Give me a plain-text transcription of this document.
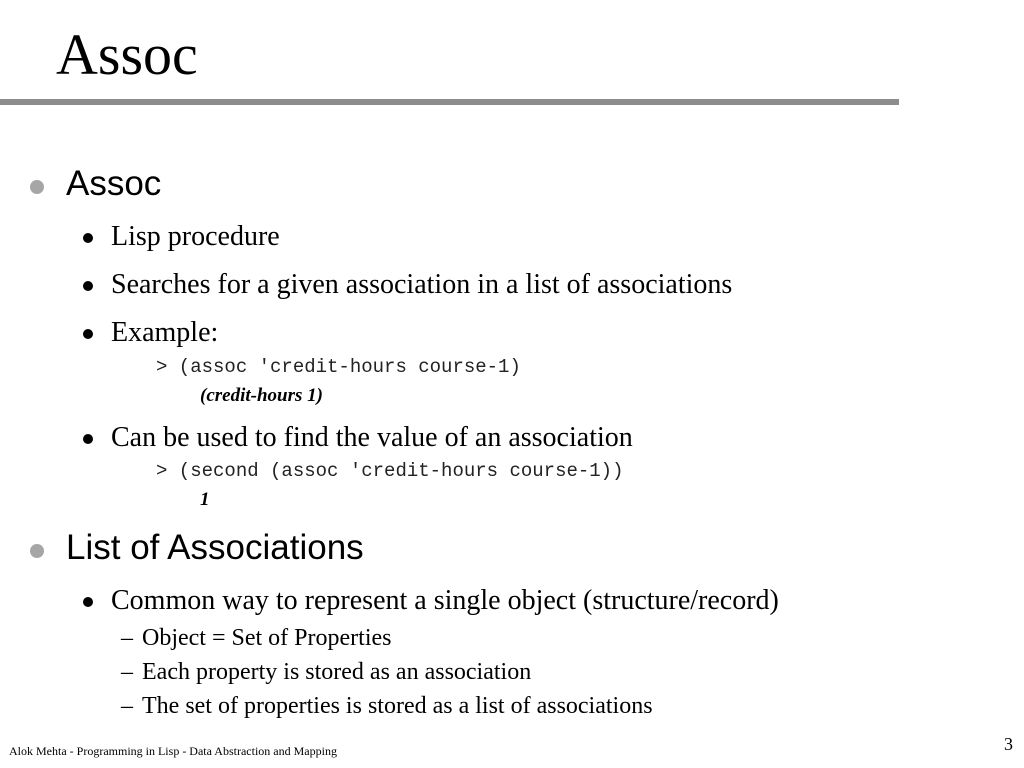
Assoc
Assoc
Lisp procedure
Searches for a given association in a list of associations
Example:
> (assoc 'credit-hours course-1)
(credit-hours 1)
Can be used to find the value of an association
> (second (assoc 'credit-hours course-1))
1
List of Associations
Common way to represent a single object (structure/record)
– Object = Set of Properties
– Each property is stored as an association
– The set of properties is stored as a list of associations
Alok Mehta - Programming in Lisp - Data Abstraction and Mapping	3
